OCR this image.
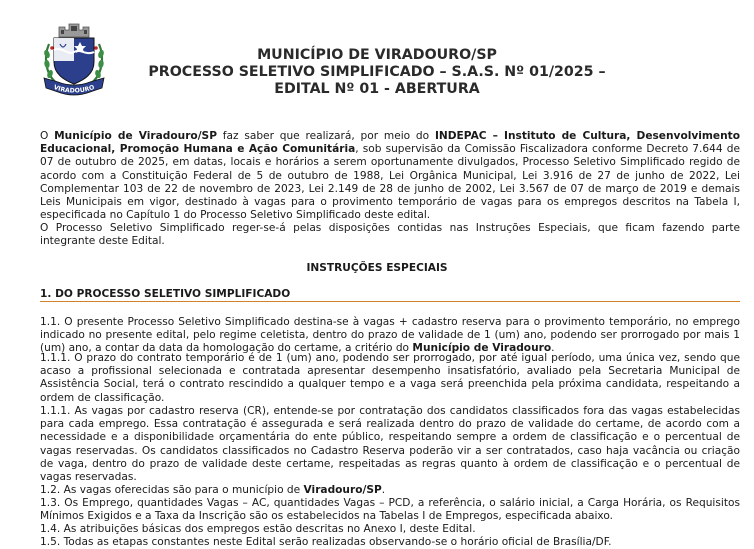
VIRADOURO
MUNICÍPIO DE VIRADOURO/SP
PROCESSO SELETIVO SIMPLIFICADO – S.A.S. Nº 01/2025 –
EDITAL Nº 01 - ABERTURA

O Município de Viradouro/SP faz saber que realizará, por meio do INDEPAC – Instituto de Cultura, Desenvolvimento Educacional, Promoção Humana e Ação Comunitária, sob supervisão da Comissão Fiscalizadora conforme Decreto 7.644 de 07 de outubro de 2025, em datas, locais e horários a serem oportunamente divulgados, Processo Seletivo Simplificado regido de acordo com a Constituição Federal de 5 de outubro de 1988, Lei Orgânica Municipal, Lei 3.916 de 27 de junho de 2022, Lei Complementar 103 de 22 de novembro de 2023, Lei 2.149 de 28 de junho de 2002, Lei 3.567 de 07 de março de 2019 e demais Leis Municipais em vigor, destinado à vagas para o provimento temporário de vagas para os empregos descritos na Tabela I, especificada no Capítulo 1 do Processo Seletivo Simplificado deste edital.

O Processo Seletivo Simplificado reger-se-á pelas disposições contidas nas Instruções Especiais, que ficam fazendo parte integrante deste Edital.

INSTRUÇÕES ESPECIAIS
1. DO PROCESSO SELETIVO SIMPLIFICADO

1.1. O presente Processo Seletivo Simplificado destina-se à vagas + cadastro reserva para o provimento temporário, no emprego indicado no presente edital, pelo regime celetista, dentro do prazo de validade de 1 (um) ano, podendo ser prorrogado por mais 1 (um) ano, a contar da data da homologação do certame, a critério do Município de Viradouro.

1.1.1. O prazo do contrato temporário é de 1 (um) ano, podendo ser prorrogado, por até igual período, uma única vez, sendo que acaso a profissional selecionada e contratada apresentar desempenho insatisfatório, avaliado pela Secretaria Municipal de Assistência Social, terá o contrato rescindido a qualquer tempo e a vaga será preenchida pela próxima candidata, respeitando a ordem de classificação.

1.1.1. As vagas por cadastro reserva (CR), entende-se por contratação dos candidatos classificados fora das vagas estabelecidas para cada emprego. Essa contratação é assegurada e será realizada dentro do prazo de validade do certame, de acordo com a necessidade e a disponibilidade orçamentária do ente público, respeitando sempre a ordem de classificação e o percentual de vagas reservadas. Os candidatos classificados no Cadastro Reserva poderão vir a ser contratados, caso haja vacância ou criação de vaga, dentro do prazo de validade deste certame, respeitadas as regras quanto à ordem de classificação e o percentual de vagas reservadas.

1.2. As vagas oferecidas são para o município de Viradouro/SP.

1.3. Os Emprego, quantidades Vagas – AC, quantidades Vagas – PCD, a referência, o salário inicial, a Carga Horária, os Requisitos Mínimos Exigidos e a Taxa da Inscrição são os estabelecidos na Tabelas I de Empregos, especificada abaixo.

1.4. As atribuições básicas dos empregos estão descritas no Anexo I, deste Edital.

1.5. Todas as etapas constantes neste Edital serão realizadas observando-se o horário oficial de Brasília/DF.
